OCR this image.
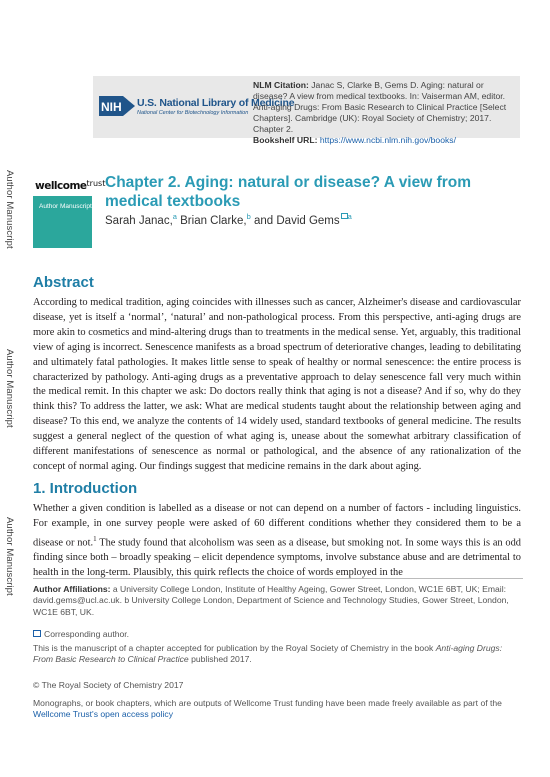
Author Manuscript
Author Manuscript
Author Manuscript
NIH U.S. National Library of Medicine
National Center for Biotechnology Information
NLM Citation: Janac S, Clarke B, Gems D. Aging: natural or disease? A view from medical textbooks. In: Vaiserman AM, editor. Anti-aging Drugs: From Basic Research to Clinical Practice [Select Chapters]. Cambridge (UK): Royal Society of Chemistry; 2017. Chapter 2.
Bookshelf URL: https://www.ncbi.nlm.nih.gov/books/
wellcome$^{trust}$
Author Manuscript
Chapter 2. Aging: natural or disease? A view from medical textbooks
Sarah Janac,$^a$ Brian Clarke,$^b$ and David Gems $^a$
Abstract
According to medical tradition, aging coincides with illnesses such as cancer, Alzheimer's disease and cardiovascular disease, yet is itself a ‘normal’, ‘natural’ and non-pathological process. From this perspective, anti-aging drugs are more akin to cosmetics and mind-altering drugs than to treatments in the medical sense. Yet, arguably, this traditional view of aging is incorrect. Senescence manifests as a broad spectrum of deteriorative changes, leading to debilitating and ultimately fatal pathologies. It makes little sense to speak of healthy or normal senescence: the entire process is characterized by pathology. Anti-aging drugs as a preventative approach to delay senescence fall very much within the medical remit. In this chapter we ask: Do doctors really think that aging is not a disease? And if so, why do they think this? To address the latter, we ask: What are medical students taught about the relationship between aging and disease? To this end, we analyze the contents of 14 widely used, standard textbooks of general medicine. The results suggest a general neglect of the question of what aging is, unease about the somewhat arbitrary classification of different manifestations of senescence as normal or pathological, and the absence of any rationalization of the concept of normal aging. Our findings suggest that medicine remains in the dark about aging.
1. Introduction
Whether a given condition is labelled as a disease or not can depend on a number of factors - including linguistics. For example, in one survey people were asked of 60 different conditions whether they considered them to be a disease or not.$^1$ The study found that alcoholism was seen as a disease, but smoking not. In some ways this is an odd finding since both – broadly speaking – elicit dependence symptoms, involve substance abuse and are detrimental to health in the long-term. Plausibly, this quirk reflects the choice of words employed in the
Author Affiliations: a University College London, Institute of Healthy Ageing, Gower Street, London, WC1E 6BT, UK; Email: david.gems@ucl.ac.uk. b University College London, Department of Science and Technology Studies, Gower Street, London, WC1E 6BT, UK.
Corresponding author.
This is the manuscript of a chapter accepted for publication by the Royal Society of Chemistry in the book Anti-aging Drugs: From Basic Research to Clinical Practice published 2017.
© The Royal Society of Chemistry 2017
Monographs, or book chapters, which are outputs of Wellcome Trust funding have been made freely available as part of the Wellcome Trust's open access policy
